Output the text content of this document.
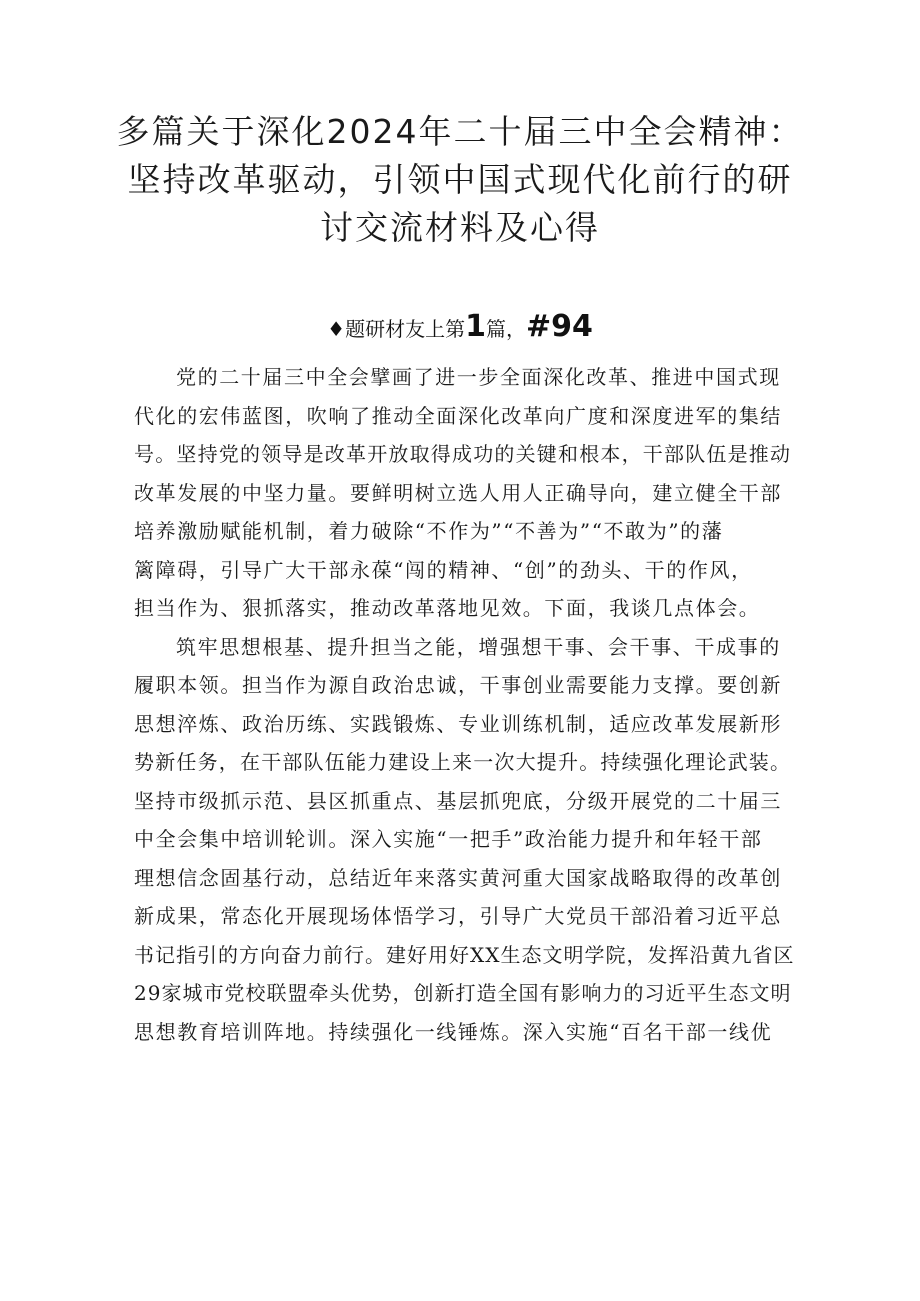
多篇关于深化2024年二十届三中全会精神：
坚持改革驱动，引领中国式现代化前行的研
讨交流材料及心得
♦题研材友上第1篇，#94

党的二十届三中全会擘画了进一步全面深化改革、推进中国式现
代化的宏伟蓝图，吹响了推动全面深化改革向广度和深度进军的集结
号。坚持党的领导是改革开放取得成功的关键和根本，干部队伍是推动
改革发展的中坚力量。要鲜明树立选人用人正确导向，建立健全干部
培养激励赋能机制，着力破除“不作为”“不善为”“不敢为”的藩
篱障碍，引导广大干部永葆“闯的精神、“创”的劲头、干的作风，
担当作为、狠抓落实，推动改革落地见效。下面，我谈几点体会。

筑牢思想根基、提升担当之能，增强想干事、会干事、干成事的
履职本领。担当作为源自政治忠诚，干事创业需要能力支撑。要创新
思想淬炼、政治历练、实践锻炼、专业训练机制，适应改革发展新形
势新任务，在干部队伍能力建设上来一次大提升。持续强化理论武装。
坚持市级抓示范、县区抓重点、基层抓兜底，分级开展党的二十届三
中全会集中培训轮训。深入实施“一把手”政治能力提升和年轻干部
理想信念固基行动，总结近年来落实黄河重大国家战略取得的改革创
新成果，常态化开展现场体悟学习，引导广大党员干部沿着习近平总
书记指引的方向奋力前行。建好用好XX生态文明学院，发挥沿黄九省区
29家城市党校联盟牵头优势，创新打造全国有影响力的习近平生态文明
思想教育培训阵地。持续强化一线锤炼。深入实施“百名干部一线优
